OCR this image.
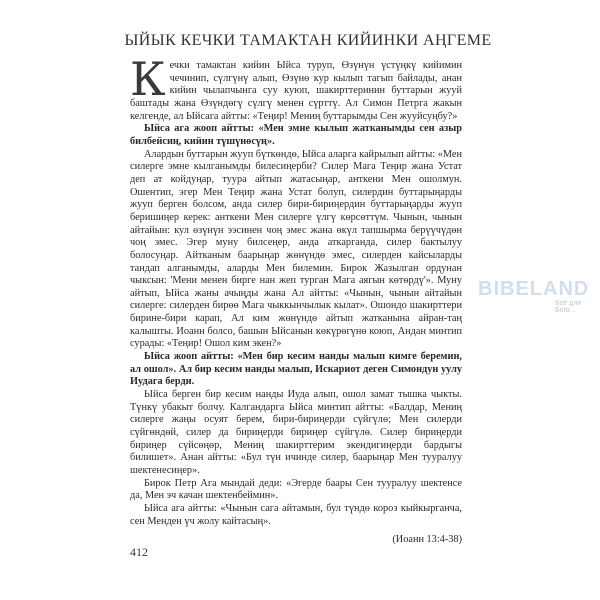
ЫЙЫК КЕЧКИ ТАМАКТАН КИЙИНКИ АҢГЕМЕ

Кечки тамактан кийин Ыйса туруп, Өзүнүн үстүңкү кийимин чечинип, сүлгүнү алып, Өзүнө кур кылып тагып байлады, анан кийин чылапчынга суу куюп, шакирттеринин буттарын жууй баштады жана Өзүндөгү сүлгү менен сүрттү. Ал Симон Петрга жакын келгенде, ал Ыйсага айтты: «Теңир! Мениң буттарымды Сен жууйсуңбу?»

Ыйса ага жооп айтты: «Мен эмне кылып жатканымды сен азыр билбейсиң, кийин түшүнөсүң».

Алардын буттарын жууп бүткөндө, Ыйса аларга кайрылып айтты: «Мен силерге эмне кылганымды билесиңерби? Силер Мага Теңир жана Устат деп ат койдуңар, туура айтып жатасыңар, анткени Мен ошолмун. Ошентип, эгер Мен Теңир жана Устат болуп, силердин буттарыңарды жууп берген болсом, анда силер бири-бириңердин буттарыңарды жууп беришиңер керек: анткени Мен силерге үлгү көрсөттүм. Чынын, чынын айтайын: кул өзүнүн ээсинен чоң эмес жана өкүл тапшырма берүүчүдөн чоң эмес. Эгер муну билсеңер, анда аткарганда, силер бактылуу болосуңар. Айтканым баарыңар жөнүндө эмес, силерден кайсыларды тандап алганымды, аларды Мен билемин. Бирок Жазылган ордунан чыксын: 'Мени менен бирге нан жеп турган Мага аягын көтөрдү'». Муну айтып, Ыйса жаны ачыңды жана Ал айтты: «Чынын, чынын айтайын силерге: силерден бирөө Мага чыккынчылык кылат». Ошондо шакирттери бирине-бири карап, Ал ким жөнүндө айтып жатканына айран-таң калышты. Иоанн болсо, башын Ыйсанын көкүрөгүнө коюп, Андан минтип сурады: «Теңир! Ошол ким экен?»

Ыйса жооп айтты: «Мен бир кесим нанды малып кимге беремин, ал ошол». Ал бир кесим нанды малып, Искариот деген Симондун уулу Иудага берди.

Ыйса берген бир кесим нанды Иуда алып, ошол замат тышка чыкты. Түнкү убакыт болчу. Калгандарга Ыйса минтип айтты: «Балдар, Мениң силерге жаңы осуят берем, бири-бириңерди сүйгүлө; Мен силерди сүйгөндөй, силер да бириңерди бириңер сүйгүлө. Силер бириңерди бириңер сүйсөңөр, Мениң шакирттерим экендигиңерди бардыгы билишет». Анан айтты: «Бул түн ичинде силер, баарыңар Мен тууралуу шектенесиңер».

Бирок Петр Ага мындай деди: «Эгерде баары Сен тууралуу шектенсе да, Мен эч качан шектенбеймин».

Ыйса ага айтты: «Чынын сага айтамын, бул түндө короз кыйкырганча, сен Менден үч жолу кайтасың».

(Иоанн 13:4-38)
BIBELAND
Всё для Бога...
412
